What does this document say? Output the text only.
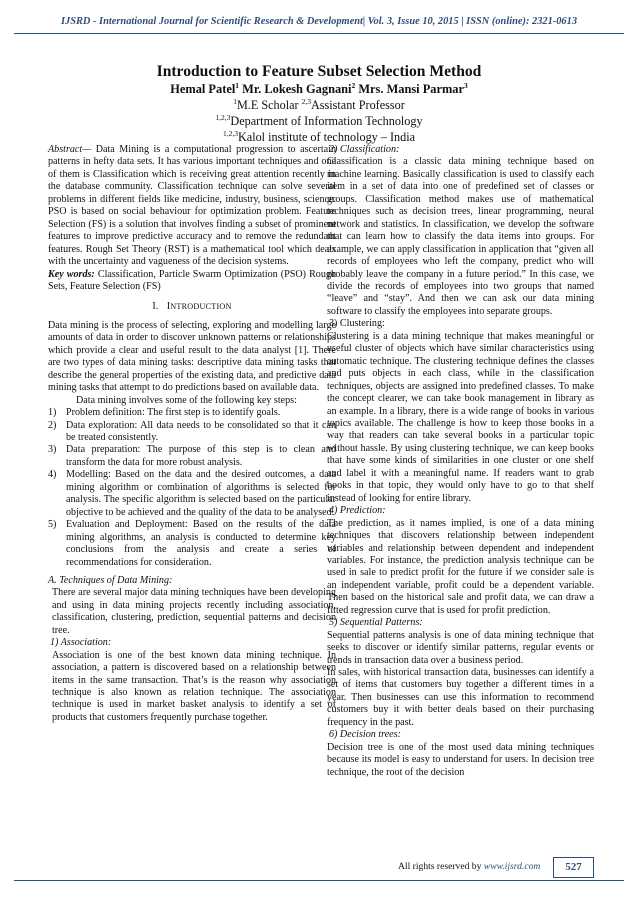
IJSRD - International Journal for Scientific Research & Development| Vol. 3, Issue 10, 2015 | ISSN (online): 2321-0613
Introduction to Feature Subset Selection Method
Hemal Patel$^1$ Mr. Lokesh Gagnani$^2$ Mrs. Mansi Parmar$^3$
$^1$M.E Scholar $^{2,3}$Assistant Professor
$^{1,2,3}$Department of Information Technology
$^{1,2,3}$Kalol institute of technology – India

Abstract— Data Mining is a computational progression to ascertain patterns in hefty data sets. It has various important techniques and one of them is Classification which is receiving great attention recently in the database community. Classification technique can solve several problems in different fields like medicine, industry, business, science. PSO is based on social behaviour for optimization problem. Feature Selection (FS) is a solution that involves finding a subset of prominent features to improve predictive accuracy and to remove the redundant features. Rough Set Theory (RST) is a mathematical tool which deals with the uncertainty and vagueness of the decision systems.

Key words: Classification, Particle Swarm Optimization (PSO) Rough Sets, Feature Selection (FS)

I. INTRODUCTION

Data mining is the process of selecting, exploring and modelling large amounts of data in order to discover unknown patterns or relationships which provide a clear and useful result to the data analyst [1]. There are two types of data mining tasks: descriptive data mining tasks that describe the general properties of the existing data, and predictive data mining tasks that attempt to do predictions based on available data.

Data mining involves some of the following key steps:

1) Problem definition: The first step is to identify goals.
2) Data exploration: All data needs to be consolidated so that it can be treated consistently.
3) Data preparation: The purpose of this step is to clean and transform the data for more robust analysis.
4) Modelling: Based on the data and the desired outcomes, a data mining algorithm or combination of algorithms is selected for analysis. The specific algorithm is selected based on the particular objective to be achieved and the quality of the data to be analysed.
5) Evaluation and Deployment: Based on the results of the data mining algorithms, an analysis is conducted to determine key conclusions from the analysis and create a series of recommendations for consideration.
A. Techniques of Data Mining:

There are several major data mining techniques have been developing and using in data mining projects recently including association, classification, clustering, prediction, sequential patterns and decision tree.

1) Association:

Association is one of the best known data mining technique. In association, a pattern is discovered based on a relationship between items in the same transaction. That’s is the reason why association technique is also known as relation technique. The association technique is used in market basket analysis to identify a set of products that customers frequently purchase together.

2) Classification:

Classification is a classic data mining technique based on machine learning. Basically classification is used to classify each item in a set of data into one of predefined set of classes or groups. Classification method makes use of mathematical techniques such as decision trees, linear programming, neural network and statistics. In classification, we develop the software that can learn how to classify the data items into groups. For example, we can apply classification in application that “given all records of employees who left the company, predict who will probably leave the company in a future period.” In this case, we divide the records of employees into two groups that named “leave” and “stay”. And then we can ask our data mining software to classify the employees into separate groups.

3) Clustering:

Clustering is a data mining technique that makes meaningful or useful cluster of objects which have similar characteristics using automatic technique. The clustering technique defines the classes and puts objects in each class, while in the classification techniques, objects are assigned into predefined classes. To make the concept clearer, we can take book management in library as an example. In a library, there is a wide range of books in various topics available. The challenge is how to keep those books in a way that readers can take several books in a particular topic without hassle. By using clustering technique, we can keep books that have some kinds of similarities in one cluster or one shelf and label it with a meaningful name. If readers want to grab books in that topic, they would only have to go to that shelf instead of looking for entire library.

4) Prediction:

The prediction, as it names implied, is one of a data mining techniques that discovers relationship between independent variables and relationship between dependent and independent variables. For instance, the prediction analysis technique can be used in sale to predict profit for the future if we consider sale is an independent variable, profit could be a dependent variable. Then based on the historical sale and profit data, we can draw a fitted regression curve that is used for profit prediction.

5) Sequential Patterns:

Sequential patterns analysis is one of data mining technique that seeks to discover or identify similar patterns, regular events or trends in transaction data over a business period.

In sales, with historical transaction data, businesses can identify a set of items that customers buy together a different times in a year. Then businesses can use this information to recommend customers buy it with better deals based on their purchasing frequency in the past.

6) Decision trees:

Decision tree is one of the most used data mining techniques because its model is easy to understand for users. In decision tree technique, the root of the decision

All rights reserved by www.ijsrd.com	527
